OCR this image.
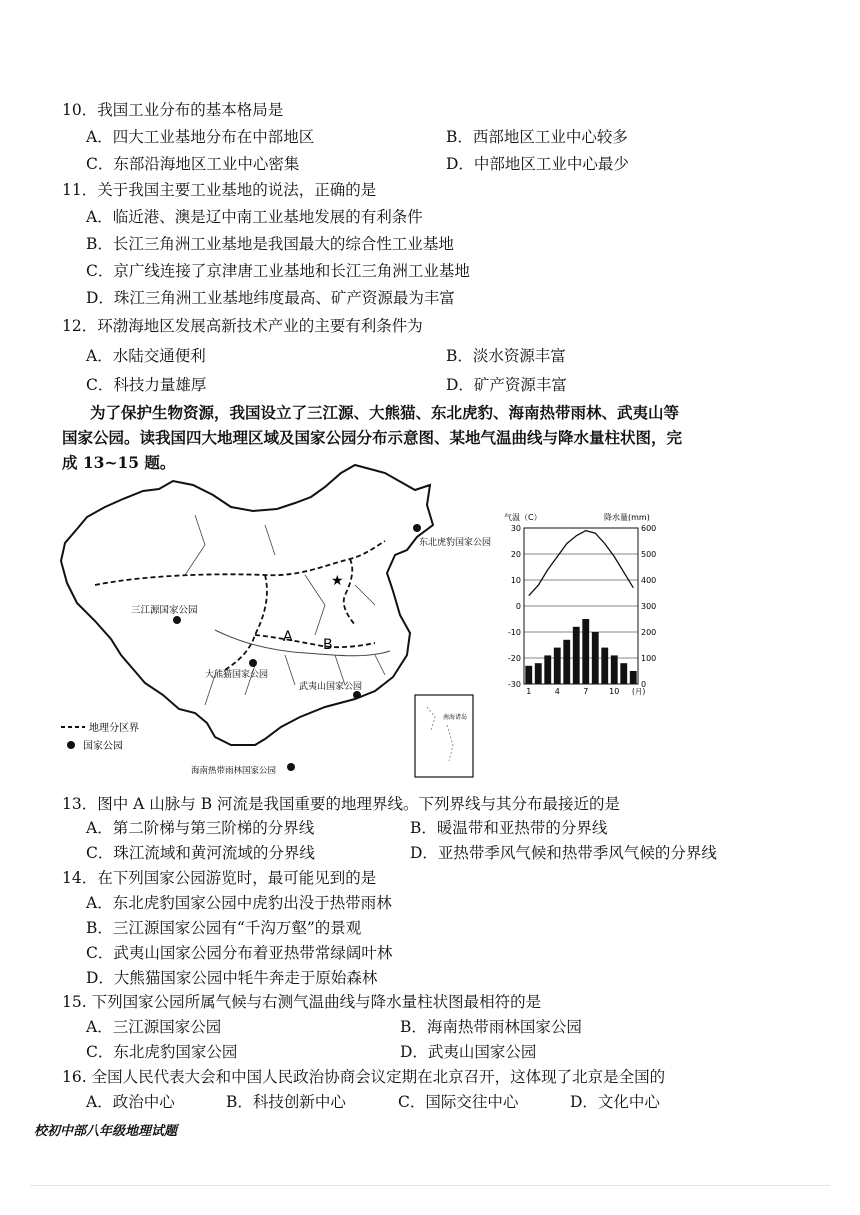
10．我国工业分布的基本格局是
A．四大工业基地分布在中部地区	B．西部地区工业中心较多
C．东部沿海地区工业中心密集	D．中部地区工业中心最少
11．关于我国主要工业基地的说法，正确的是
A．临近港、澳是辽中南工业基地发展的有利条件
B．长江三角洲工业基地是我国最大的综合性工业基地
C．京广线连接了京津唐工业基地和长江三角洲工业基地
D．珠江三角洲工业基地纬度最高、矿产资源最为丰富
12．环渤海地区发展高新技术产业的主要有利条件为
A．水陆交通便利	B．淡水资源丰富
C．科技力量雄厚	D．矿产资源丰富
为了保护生物资源，我国设立了三江源、大熊猫、东北虎豹、海南热带雨林、武夷山等
国家公园。读我国四大地理区域及国家公园分布示意图、某地气温曲线与降水量柱状图，完
成 13~15 题。
★
A B
东北虎豹国家公园
三江源国家公园
大熊猫国家公园
武夷山国家公园
海南热带雨林国家公园
地理分区界
国家公园
南海诸岛
气温（C）	降水量(mm)
30	600
20	500
10	400
0	300
-10	200
-20	100
-30	0
1	4	7	10 (月)
13．图中 A 山脉与 B 河流是我国重要的地理界线。下列界线与其分布最接近的是
A．第二阶梯与第三阶梯的分界线	B．暖温带和亚热带的分界线
C．珠江流域和黄河流域的分界线	D．亚热带季风气候和热带季风气候的分界线
14．在下列国家公园游览时，最可能见到的是
A．东北虎豹国家公园中虎豹出没于热带雨林
B．三江源国家公园有“千沟万壑”的景观
C．武夷山国家公园分布着亚热带常绿阔叶林
D．大熊猫国家公园中牦牛奔走于原始森林
15. 下列国家公园所属气候与右测气温曲线与降水量柱状图最相符的是
A．三江源国家公园	B．海南热带雨林国家公园
C．东北虎豹国家公园	D．武夷山国家公园
16. 全国人民代表大会和中国人民政治协商会议定期在北京召开，这体现了北京是全国的
A．政治中心	B．科技创新中心	C．国际交往中心	D．文化中心
校初中部八年级地理试题
